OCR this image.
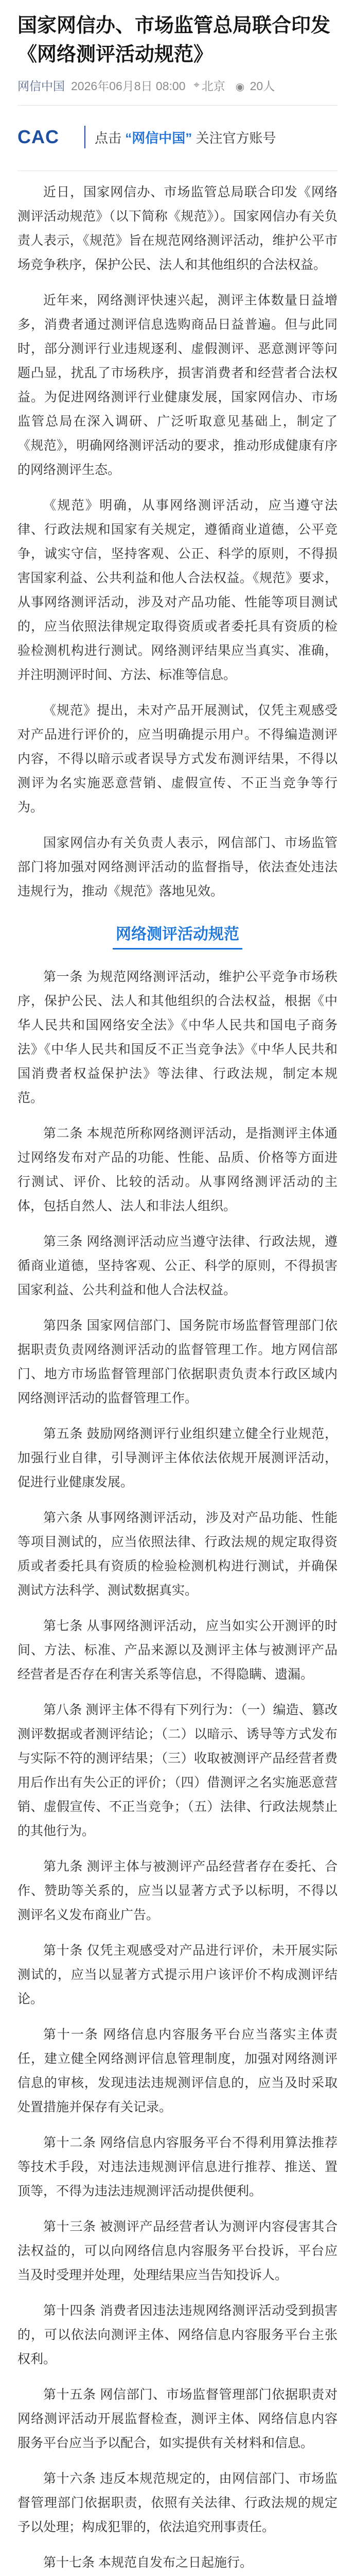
国家网信办、市场监管总局联合印发《网络测评活动规范》
网信中国 2026年06月8日 08:00 ⌖ 北京 ◉ 20人
CAC	点击 “网信中国” 关注官方账号

近日，国家网信办、市场监管总局联合印发《网络测评活动规范》（以下简称《规范》）。国家网信办有关负责人表示，《规范》旨在规范网络测评活动，维护公平市场竞争秩序，保护公民、法人和其他组织的合法权益。

近年来，网络测评快速兴起，测评主体数量日益增多，消费者通过测评信息选购商品日益普遍。但与此同时，部分测评行业违规逐利、虚假测评、恶意测评等问题凸显，扰乱了市场秩序，损害消费者和经营者合法权益。为促进网络测评行业健康发展，国家网信办、市场监管总局在深入调研、广泛听取意见基础上，制定了《规范》，明确网络测评活动的要求，推动形成健康有序的网络测评生态。

《规范》明确，从事网络测评活动，应当遵守法律、行政法规和国家有关规定，遵循商业道德，公平竞争，诚实守信，坚持客观、公正、科学的原则，不得损害国家利益、公共利益和他人合法权益。《规范》要求，从事网络测评活动，涉及对产品功能、性能等项目测试的，应当依照法律规定取得资质或者委托具有资质的检验检测机构进行测试。网络测评结果应当真实、准确，并注明测评时间、方法、标准等信息。

《规范》提出，未对产品开展测试，仅凭主观感受对产品进行评价的，应当明确提示用户。不得编造测评内容，不得以暗示或者误导方式发布测评结果，不得以测评为名实施恶意营销、虚假宣传、不正当竞争等行为。

国家网信办有关负责人表示，网信部门、市场监管部门将加强对网络测评活动的监督指导，依法查处违法违规行为，推动《规范》落地见效。

网络测评活动规范

第一条 为规范网络测评活动，维护公平竞争市场秩序，保护公民、法人和其他组织的合法权益，根据《中华人民共和国网络安全法》《中华人民共和国电子商务法》《中华人民共和国反不正当竞争法》《中华人民共和国消费者权益保护法》等法律、行政法规，制定本规范。

第二条 本规范所称网络测评活动，是指测评主体通过网络发布对产品的功能、性能、品质、价格等方面进行测试、评价、比较的活动。从事网络测评活动的主体，包括自然人、法人和非法人组织。

第三条 网络测评活动应当遵守法律、行政法规，遵循商业道德，坚持客观、公正、科学的原则，不得损害国家利益、公共利益和他人合法权益。

第四条 国家网信部门、国务院市场监督管理部门依据职责负责网络测评活动的监督管理工作。地方网信部门、地方市场监督管理部门依据职责负责本行政区域内网络测评活动的监督管理工作。

第五条 鼓励网络测评行业组织建立健全行业规范，加强行业自律，引导测评主体依法依规开展测评活动，促进行业健康发展。

第六条 从事网络测评活动，涉及对产品功能、性能等项目测试的，应当依照法律、行政法规的规定取得资质或者委托具有资质的检验检测机构进行测试，并确保测试方法科学、测试数据真实。

第七条 从事网络测评活动，应当如实公开测评的时间、方法、标准、产品来源以及测评主体与被测评产品经营者是否存在利害关系等信息，不得隐瞒、遗漏。

第八条 测评主体不得有下列行为：（一）编造、篡改测评数据或者测评结论；（二）以暗示、诱导等方式发布与实际不符的测评结果；（三）收取被测评产品经营者费用后作出有失公正的评价；（四）借测评之名实施恶意营销、虚假宣传、不正当竞争；（五）法律、行政法规禁止的其他行为。

第九条 测评主体与被测评产品经营者存在委托、合作、赞助等关系的，应当以显著方式予以标明，不得以测评名义发布商业广告。

第十条 仅凭主观感受对产品进行评价，未开展实际测试的，应当以显著方式提示用户该评价不构成测评结论。

第十一条 网络信息内容服务平台应当落实主体责任，建立健全网络测评信息管理制度，加强对网络测评信息的审核，发现违法违规测评信息的，应当及时采取处置措施并保存有关记录。

第十二条 网络信息内容服务平台不得利用算法推荐等技术手段，对违法违规测评信息进行推荐、推送、置顶等，不得为违法违规测评活动提供便利。

第十三条 被测评产品经营者认为测评内容侵害其合法权益的，可以向网络信息内容服务平台投诉，平台应当及时受理并处理，处理结果应当告知投诉人。

第十四条 消费者因违法违规网络测评活动受到损害的，可以依法向测评主体、网络信息内容服务平台主张权利。

第十五条 网信部门、市场监督管理部门依据职责对网络测评活动开展监督检查，测评主体、网络信息内容服务平台应当予以配合，如实提供有关材料和信息。

第十六条 违反本规范规定的，由网信部门、市场监督管理部门依据职责，依照有关法律、行政法规的规定予以处理；构成犯罪的，依法追究刑事责任。

第十七条 本规范自发布之日起施行。
